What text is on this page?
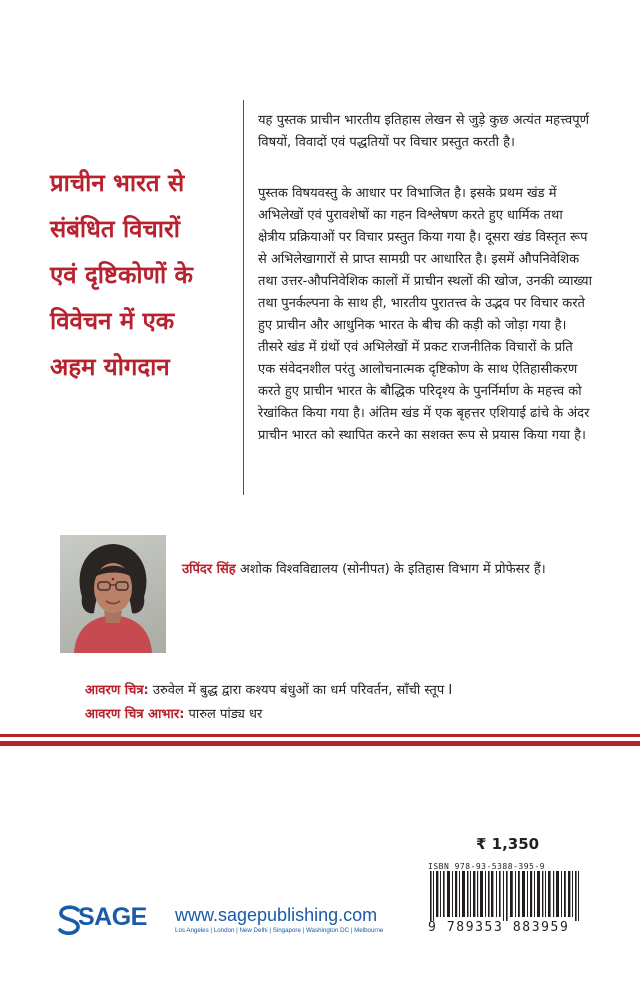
प्राचीन भारत से
संबंधित विचारों
एवं दृष्टिकोणों के
विवेचन में एक
अहम योगदान
यह पुस्तक प्राचीन भारतीय इतिहास लेखन से जुड़े कुछ अत्यंत महत्त्वपूर्ण विषयों, विवादों एवं पद्धतियों पर विचार प्रस्तुत करती है।
पुस्तक विषयवस्तु के आधार पर विभाजित है। इसके प्रथम खंड में अभिलेखों एवं पुरावशेषों का गहन विश्लेषण करते हुए धार्मिक तथा क्षेत्रीय प्रक्रियाओं पर विचार प्रस्तुत किया गया है। दूसरा खंड विस्तृत रूप से अभिलेखागारों से प्राप्त सामग्री पर आधारित है। इसमें औपनिवेशिक तथा उत्तर-औपनिवेशिक कालों में प्राचीन स्थलों की खोज, उनकी व्याख्या तथा पुनर्कल्पना के साथ ही, भारतीय पुरातत्त्व के उद्भव पर विचार करते हुए प्राचीन और आधुनिक भारत के बीच की कड़ी को जोड़ा गया है। तीसरे खंड में ग्रंथों एवं अभिलेखों में प्रकट राजनीतिक विचारों के प्रति एक संवेदनशील परंतु आलोचनात्मक दृष्टिकोण के साथ ऐतिहासीकरण करते हुए प्राचीन भारत के बौद्धिक परिदृश्य के पुनर्निर्माण के महत्त्व को रेखांकित किया गया है। अंतिम खंड में एक बृहत्तर एशियाई ढांचे के अंदर प्राचीन भारत को स्थापित करने का सशक्त रूप से प्रयास किया गया है।
उपिंदर सिंह अशोक विश्वविद्यालय (सोनीपत) के इतिहास विभाग में प्रोफेसर हैं।
आवरण चित्र: उरुवेल में बुद्ध द्वारा कश्यप बंधुओं का धर्म परिवर्तन, साँची स्तूप I
आवरण चित्र आभार: पारुल पांड्य धर
₹ 1,350
ISBN 978-93-5388-395-9
9 789353 883959
SAGE www.sagepublishing.com
Los Angeles | London | New Delhi | Singapore | Washington DC | Melbourne
